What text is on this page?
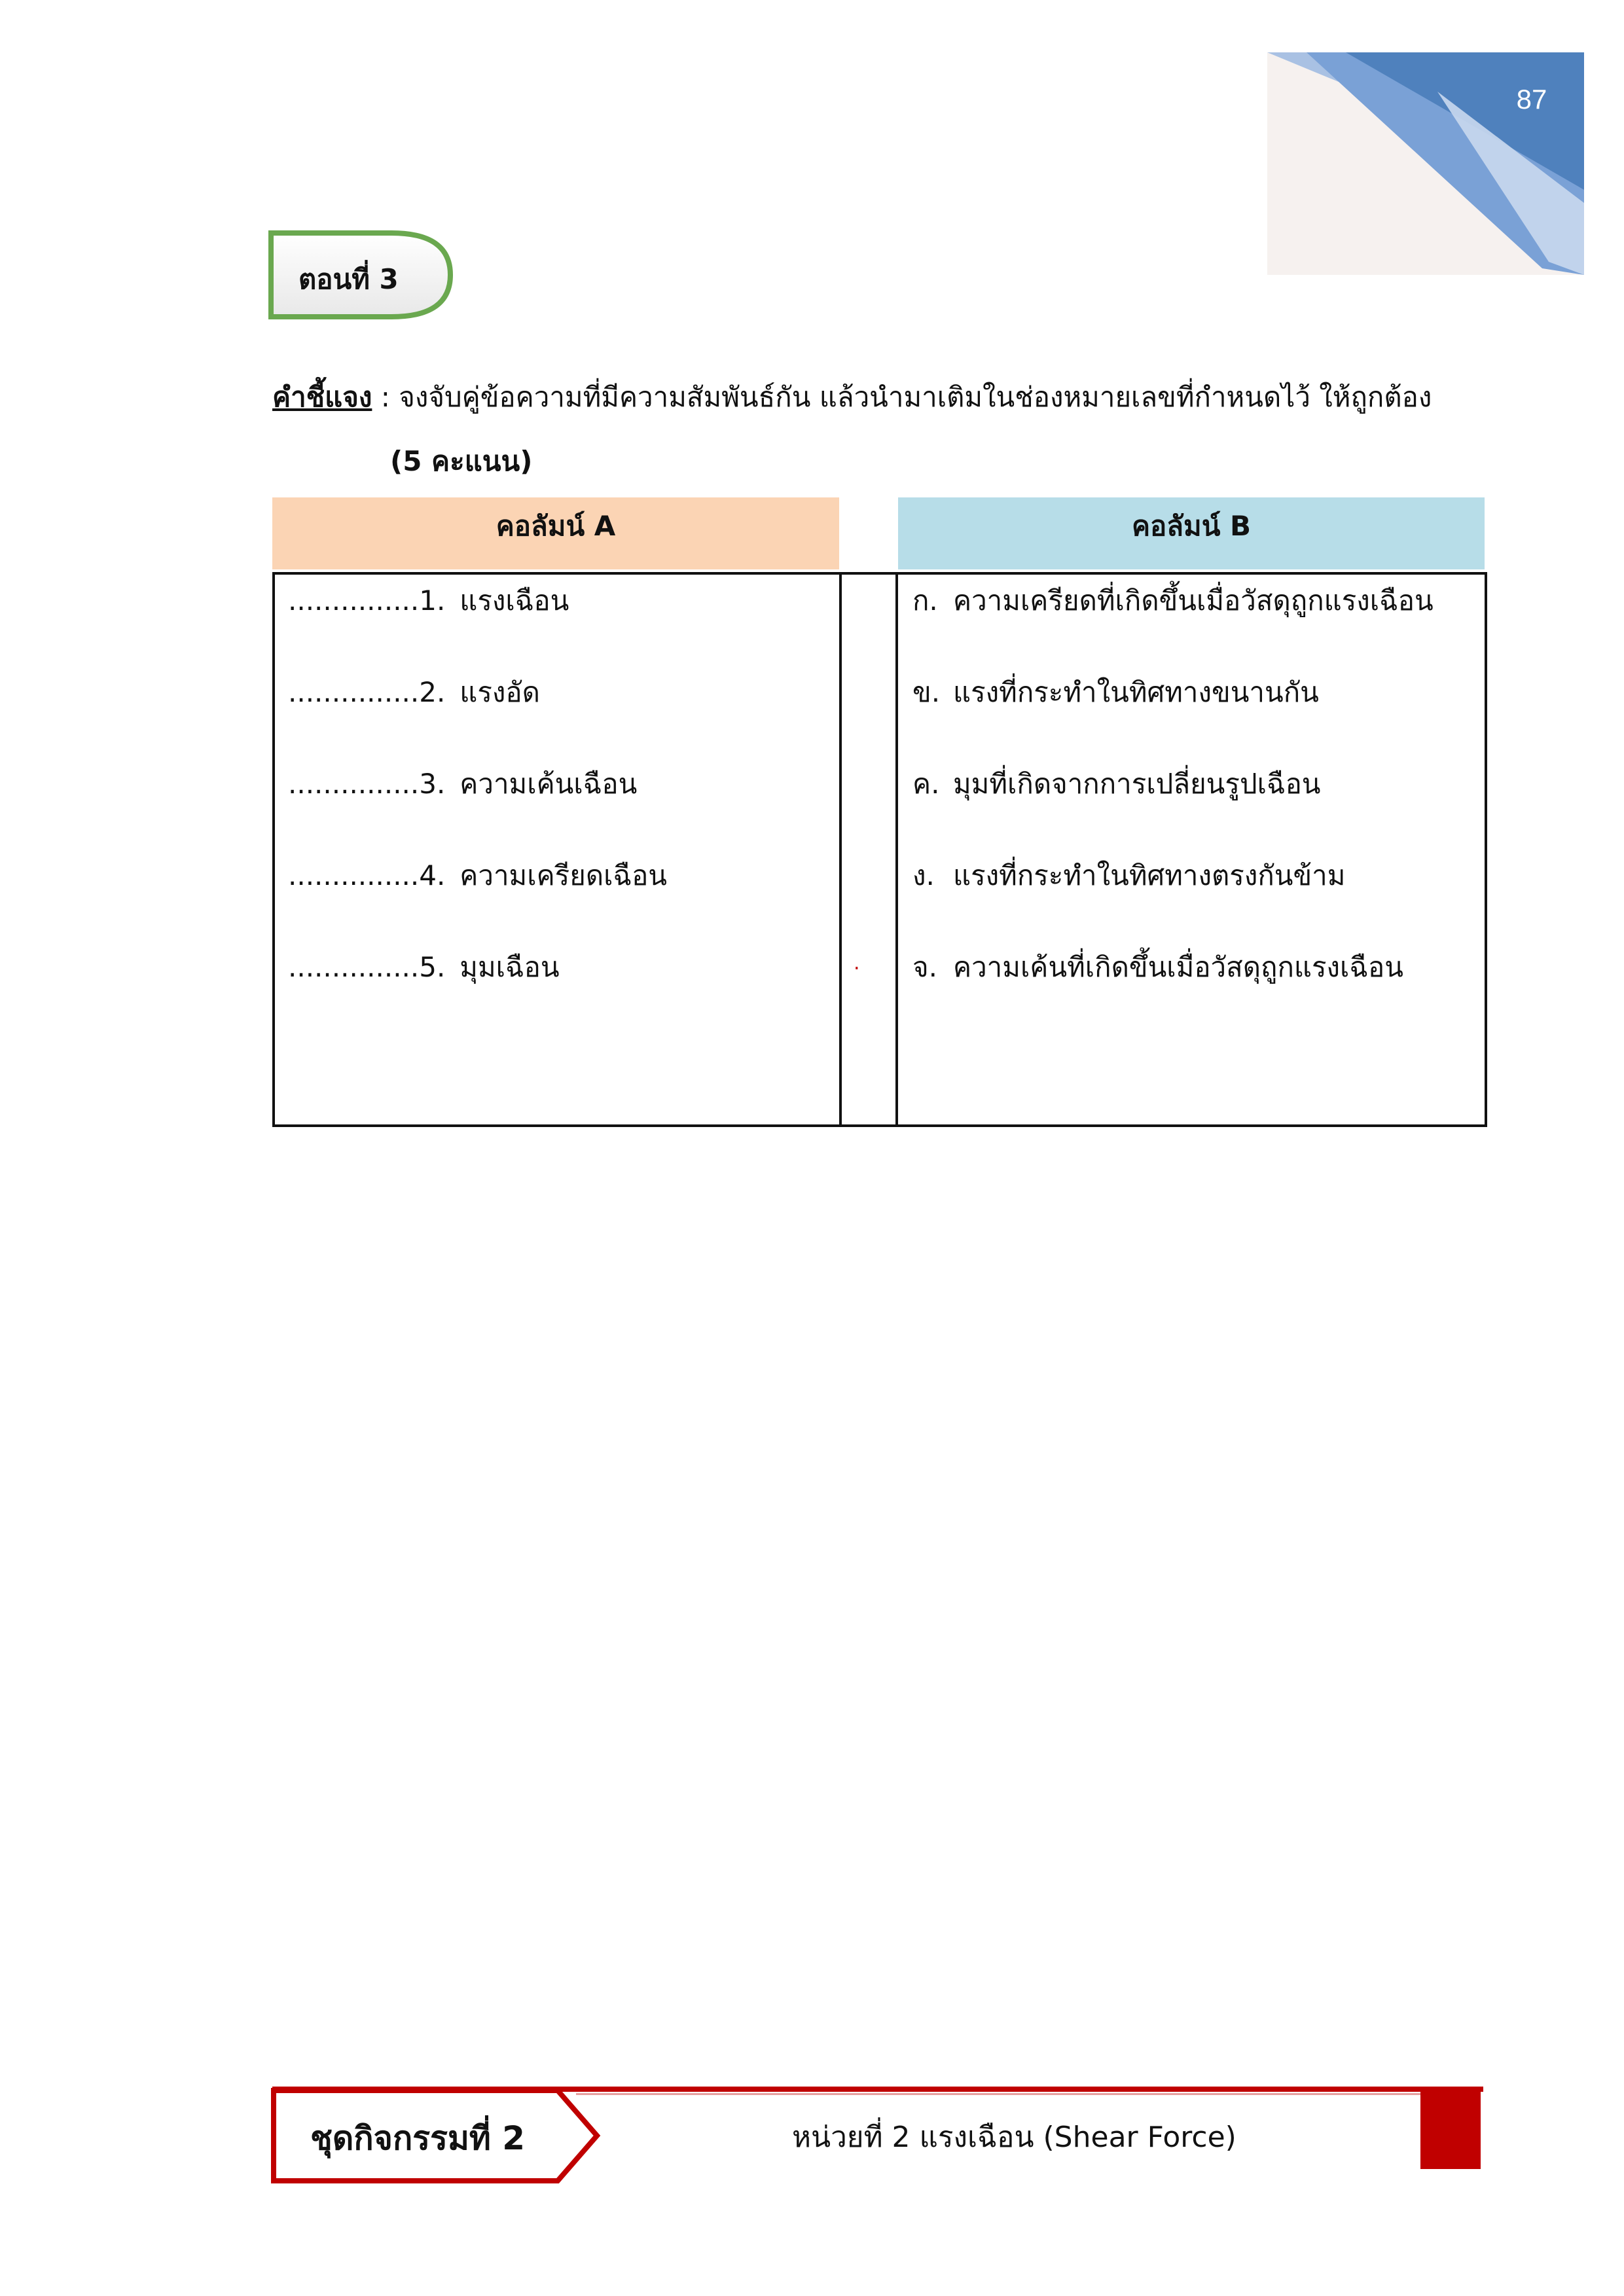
87
ตอนที่ 3
คำชี้แจง : จงจับคู่ข้อความที่มีความสัมพันธ์กัน แล้วนำมาเติมในช่องหมายเลขที่กำหนดไว้ ให้ถูกต้อง
(5 คะแนน)
คอลัมน์ A	คอลัมน์ B
.
...............1. แรงเฉือน
...............2. แรงอัด
...............3. ความเค้นเฉือน
...............4. ความเครียดเฉือน
...............5. มุมเฉือน
ก. ความเครียดที่เกิดขึ้นเมื่อวัสดุถูกแรงเฉือน
ข. แรงที่กระทำในทิศทางขนานกัน
ค. มุมที่เกิดจากการเปลี่ยนรูปเฉือน
ง. แรงที่กระทำในทิศทางตรงกันข้าม
จ. ความเค้นที่เกิดขึ้นเมื่อวัสดุถูกแรงเฉือน
ชุดกิจกรรมที่ 2	หน่วยที่ 2 แรงเฉือน (Shear Force)
